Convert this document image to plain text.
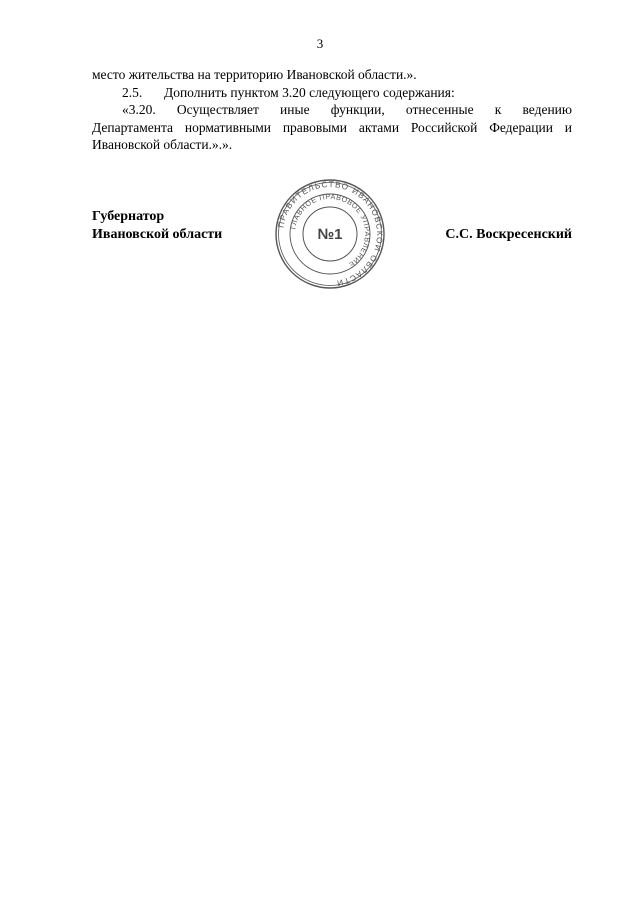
3
место жительства на территорию Ивановской области.».
2.5. Дополнить пунктом 3.20 следующего содержания:
«3.20. Осуществляет иные функции, отнесенные к ведению
Департамента нормативными правовыми актами Российской Федерации и
Ивановской области.».».
Губернатор
Ивановской области
ПРАВИТЕЛЬСТВО ИВАНОВСКОЙ ОБЛАСТИ
ГЛАВНОЕ ПРАВОВОЕ УПРАВЛЕНИЕ
№1	С.С. Воскресенский
